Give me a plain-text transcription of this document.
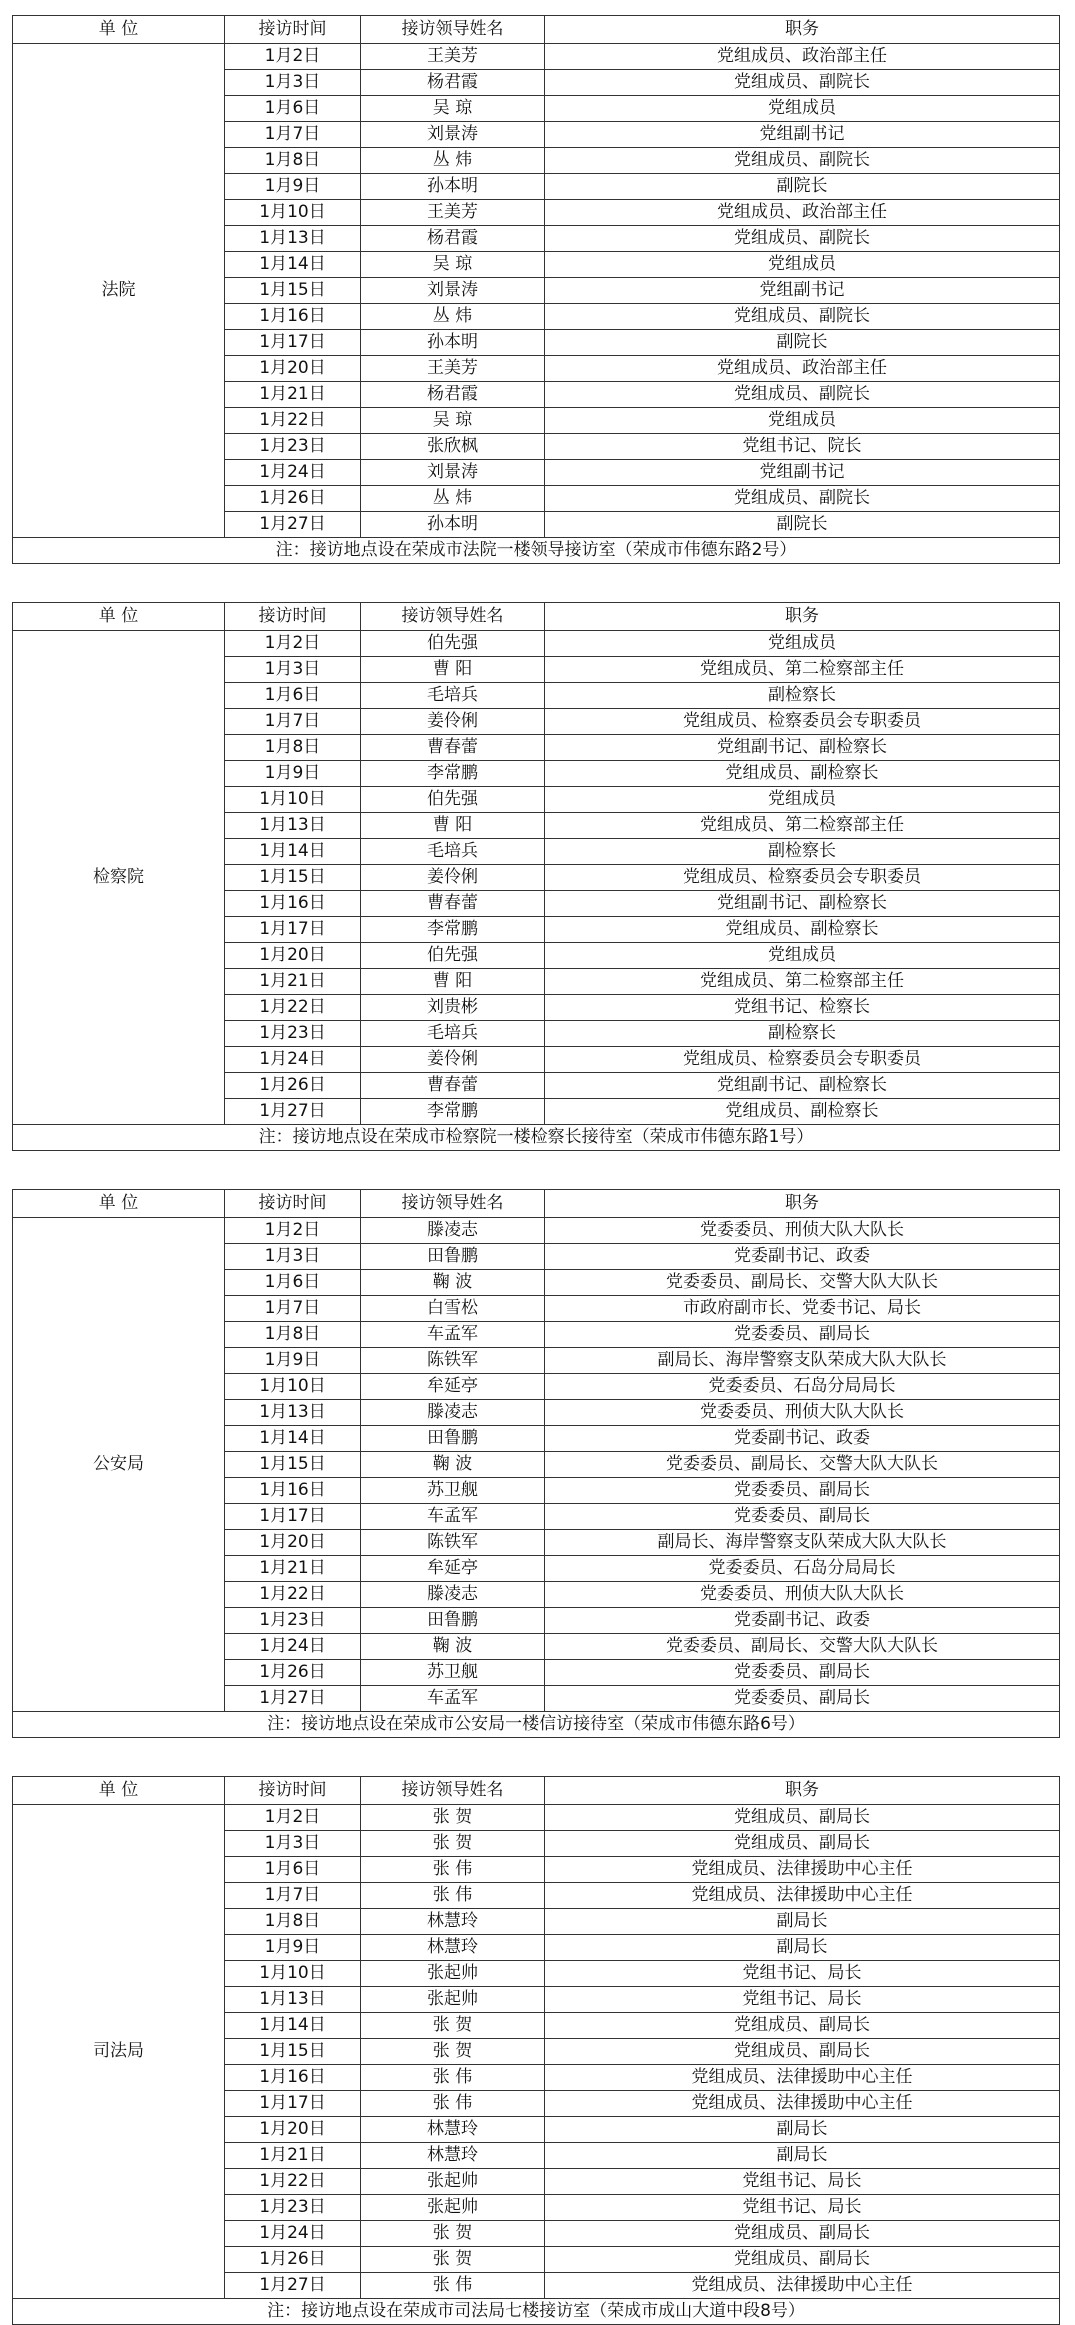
单 位	接访时间	接访领导姓名	职务
法院	1月2日	王美芳	党组成员、政治部主任
	1月3日	杨君霞	党组成员、副院长
	1月6日	吴 琼	党组成员
	1月7日	刘景涛	党组副书记
	1月8日	丛 炜	党组成员、副院长
	1月9日	孙本明	副院长
	1月10日	王美芳	党组成员、政治部主任
	1月13日	杨君霞	党组成员、副院长
	1月14日	吴 琼	党组成员
	1月15日	刘景涛	党组副书记
	1月16日	丛 炜	党组成员、副院长
	1月17日	孙本明	副院长
	1月20日	王美芳	党组成员、政治部主任
	1月21日	杨君霞	党组成员、副院长
	1月22日	吴 琼	党组成员
	1月23日	张欣枫	党组书记、院长
	1月24日	刘景涛	党组副书记
	1月26日	丛 炜	党组成员、副院长
	1月27日	孙本明	副院长
注：接访地点设在荣成市法院一楼领导接访室（荣成市伟德东路2号）			
单 位	接访时间	接访领导姓名	职务
检察院	1月2日	伯先强	党组成员
	1月3日	曹 阳	党组成员、第二检察部主任
	1月6日	毛培兵	副检察长
	1月7日	姜伶俐	党组成员、检察委员会专职委员
	1月8日	曹春蕾	党组副书记、副检察长
	1月9日	李常鹏	党组成员、副检察长
	1月10日	伯先强	党组成员
	1月13日	曹 阳	党组成员、第二检察部主任
	1月14日	毛培兵	副检察长
	1月15日	姜伶俐	党组成员、检察委员会专职委员
	1月16日	曹春蕾	党组副书记、副检察长
	1月17日	李常鹏	党组成员、副检察长
	1月20日	伯先强	党组成员
	1月21日	曹 阳	党组成员、第二检察部主任
	1月22日	刘贵彬	党组书记、检察长
	1月23日	毛培兵	副检察长
	1月24日	姜伶俐	党组成员、检察委员会专职委员
	1月26日	曹春蕾	党组副书记、副检察长
	1月27日	李常鹏	党组成员、副检察长
注：接访地点设在荣成市检察院一楼检察长接待室（荣成市伟德东路1号）			
单 位	接访时间	接访领导姓名	职务
公安局	1月2日	滕凌志	党委委员、刑侦大队大队长
	1月3日	田鲁鹏	党委副书记、政委
	1月6日	鞠 波	党委委员、副局长、交警大队大队长
	1月7日	白雪松	市政府副市长、党委书记、局长
	1月8日	车孟军	党委委员、副局长
	1月9日	陈铁军	副局长、海岸警察支队荣成大队大队长
	1月10日	牟延亭	党委委员、石岛分局局长
	1月13日	滕凌志	党委委员、刑侦大队大队长
	1月14日	田鲁鹏	党委副书记、政委
	1月15日	鞠 波	党委委员、副局长、交警大队大队长
	1月16日	苏卫舰	党委委员、副局长
	1月17日	车孟军	党委委员、副局长
	1月20日	陈铁军	副局长、海岸警察支队荣成大队大队长
	1月21日	牟延亭	党委委员、石岛分局局长
	1月22日	滕凌志	党委委员、刑侦大队大队长
	1月23日	田鲁鹏	党委副书记、政委
	1月24日	鞠 波	党委委员、副局长、交警大队大队长
	1月26日	苏卫舰	党委委员、副局长
	1月27日	车孟军	党委委员、副局长
注：接访地点设在荣成市公安局一楼信访接待室（荣成市伟德东路6号）			
单 位	接访时间	接访领导姓名	职务
司法局	1月2日	张 贺	党组成员、副局长
	1月3日	张 贺	党组成员、副局长
	1月6日	张 伟	党组成员、法律援助中心主任
	1月7日	张 伟	党组成员、法律援助中心主任
	1月8日	林慧玲	副局长
	1月9日	林慧玲	副局长
	1月10日	张起帅	党组书记、局长
	1月13日	张起帅	党组书记、局长
	1月14日	张 贺	党组成员、副局长
	1月15日	张 贺	党组成员、副局长
	1月16日	张 伟	党组成员、法律援助中心主任
	1月17日	张 伟	党组成员、法律援助中心主任
	1月20日	林慧玲	副局长
	1月21日	林慧玲	副局长
	1月22日	张起帅	党组书记、局长
	1月23日	张起帅	党组书记、局长
	1月24日	张 贺	党组成员、副局长
	1月26日	张 贺	党组成员、副局长
	1月27日	张 伟	党组成员、法律援助中心主任
注：接访地点设在荣成市司法局七楼接访室（荣成市成山大道中段8号）			
